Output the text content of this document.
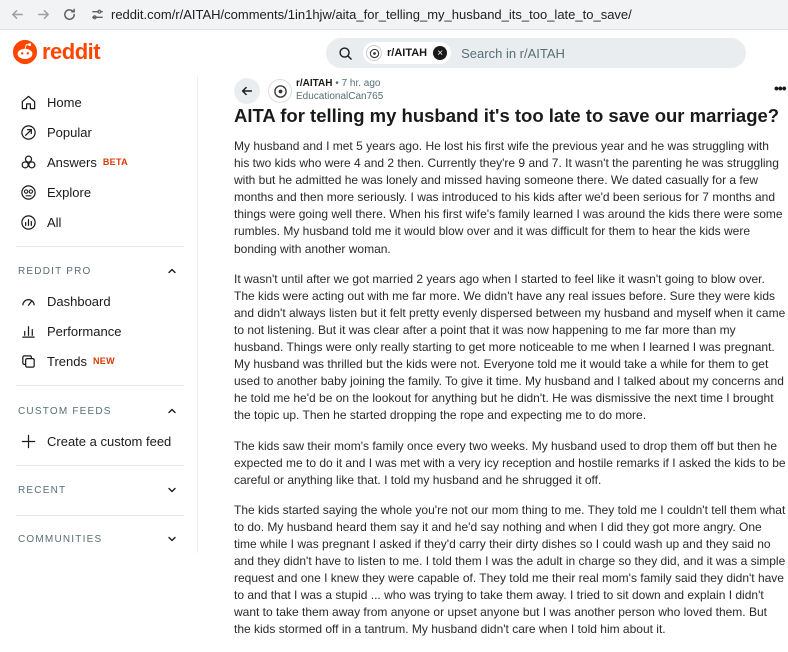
reddit.com/r/AITAH/comments/1in1hjw/aita_for_telling_my_husband_its_too_late_to_save/
reddit	r/AITAH	×	Search in r/AITAH
Home
Popular
Answers BETA
Explore
All
REDDIT PRO
Dashboard
Performance
Trends NEW
CUSTOM FEEDS
Create a custom feed
RECENT
COMMUNITIES
r/AITAH • 7 hr. ago
EducationalCan765
•••
AITA for telling my husband it's too late to save our marriage?

My husband and I met 5 years ago. He lost his first wife the previous year and he was struggling with his two kids who were 4 and 2 then. Currently they're 9 and 7. It wasn't the parenting he was struggling with but he admitted he was lonely and missed having someone there. We dated casually for a few months and then more seriously. I was introduced to his kids after we'd been serious for 7 months and things were going well there. When his first wife's family learned I was around the kids there were some rumbles. My husband told me it would blow over and it was difficult for them to hear the kids were bonding with another woman.

It wasn't until after we got married 2 years ago when I started to feel like it wasn't going to blow over. The kids were acting out with me far more. We didn't have any real issues before. Sure they were kids and didn't always listen but it felt pretty evenly dispersed between my husband and myself when it came to not listening. But it was clear after a point that it was now happening to me far more than my husband. Things were only really starting to get more noticeable to me when I learned I was pregnant. My husband was thrilled but the kids were not. Everyone told me it would take a while for them to get used to another baby joining the family. To give it time. My husband and I talked about my concerns and he told me he'd be on the lookout for anything but he didn't. He was dismissive the next time I brought the topic up. Then he started dropping the rope and expecting me to do more.

The kids saw their mom's family once every two weeks. My husband used to drop them off but then he expected me to do it and I was met with a very icy reception and hostile remarks if I asked the kids to be careful or anything like that. I told my husband and he shrugged it off.

The kids started saying the whole you're not our mom thing to me. They told me I couldn't tell them what to do. My husband heard them say it and he'd say nothing and when I did they got more angry. One time while I was pregnant I asked if they'd carry their dirty dishes so I could wash up and they said no and they didn't have to listen to me. I told them I was the adult in charge so they did, and it was a simple request and one I knew they were capable of. They told me their real mom's family said they didn't have to and that I was a stupid ... who was trying to take them away. I tried to sit down and explain I didn't want to take them away from anyone or upset anyone but I was another person who loved them. But the kids stormed off in a tantrum. My husband didn't care when I told him about it.
